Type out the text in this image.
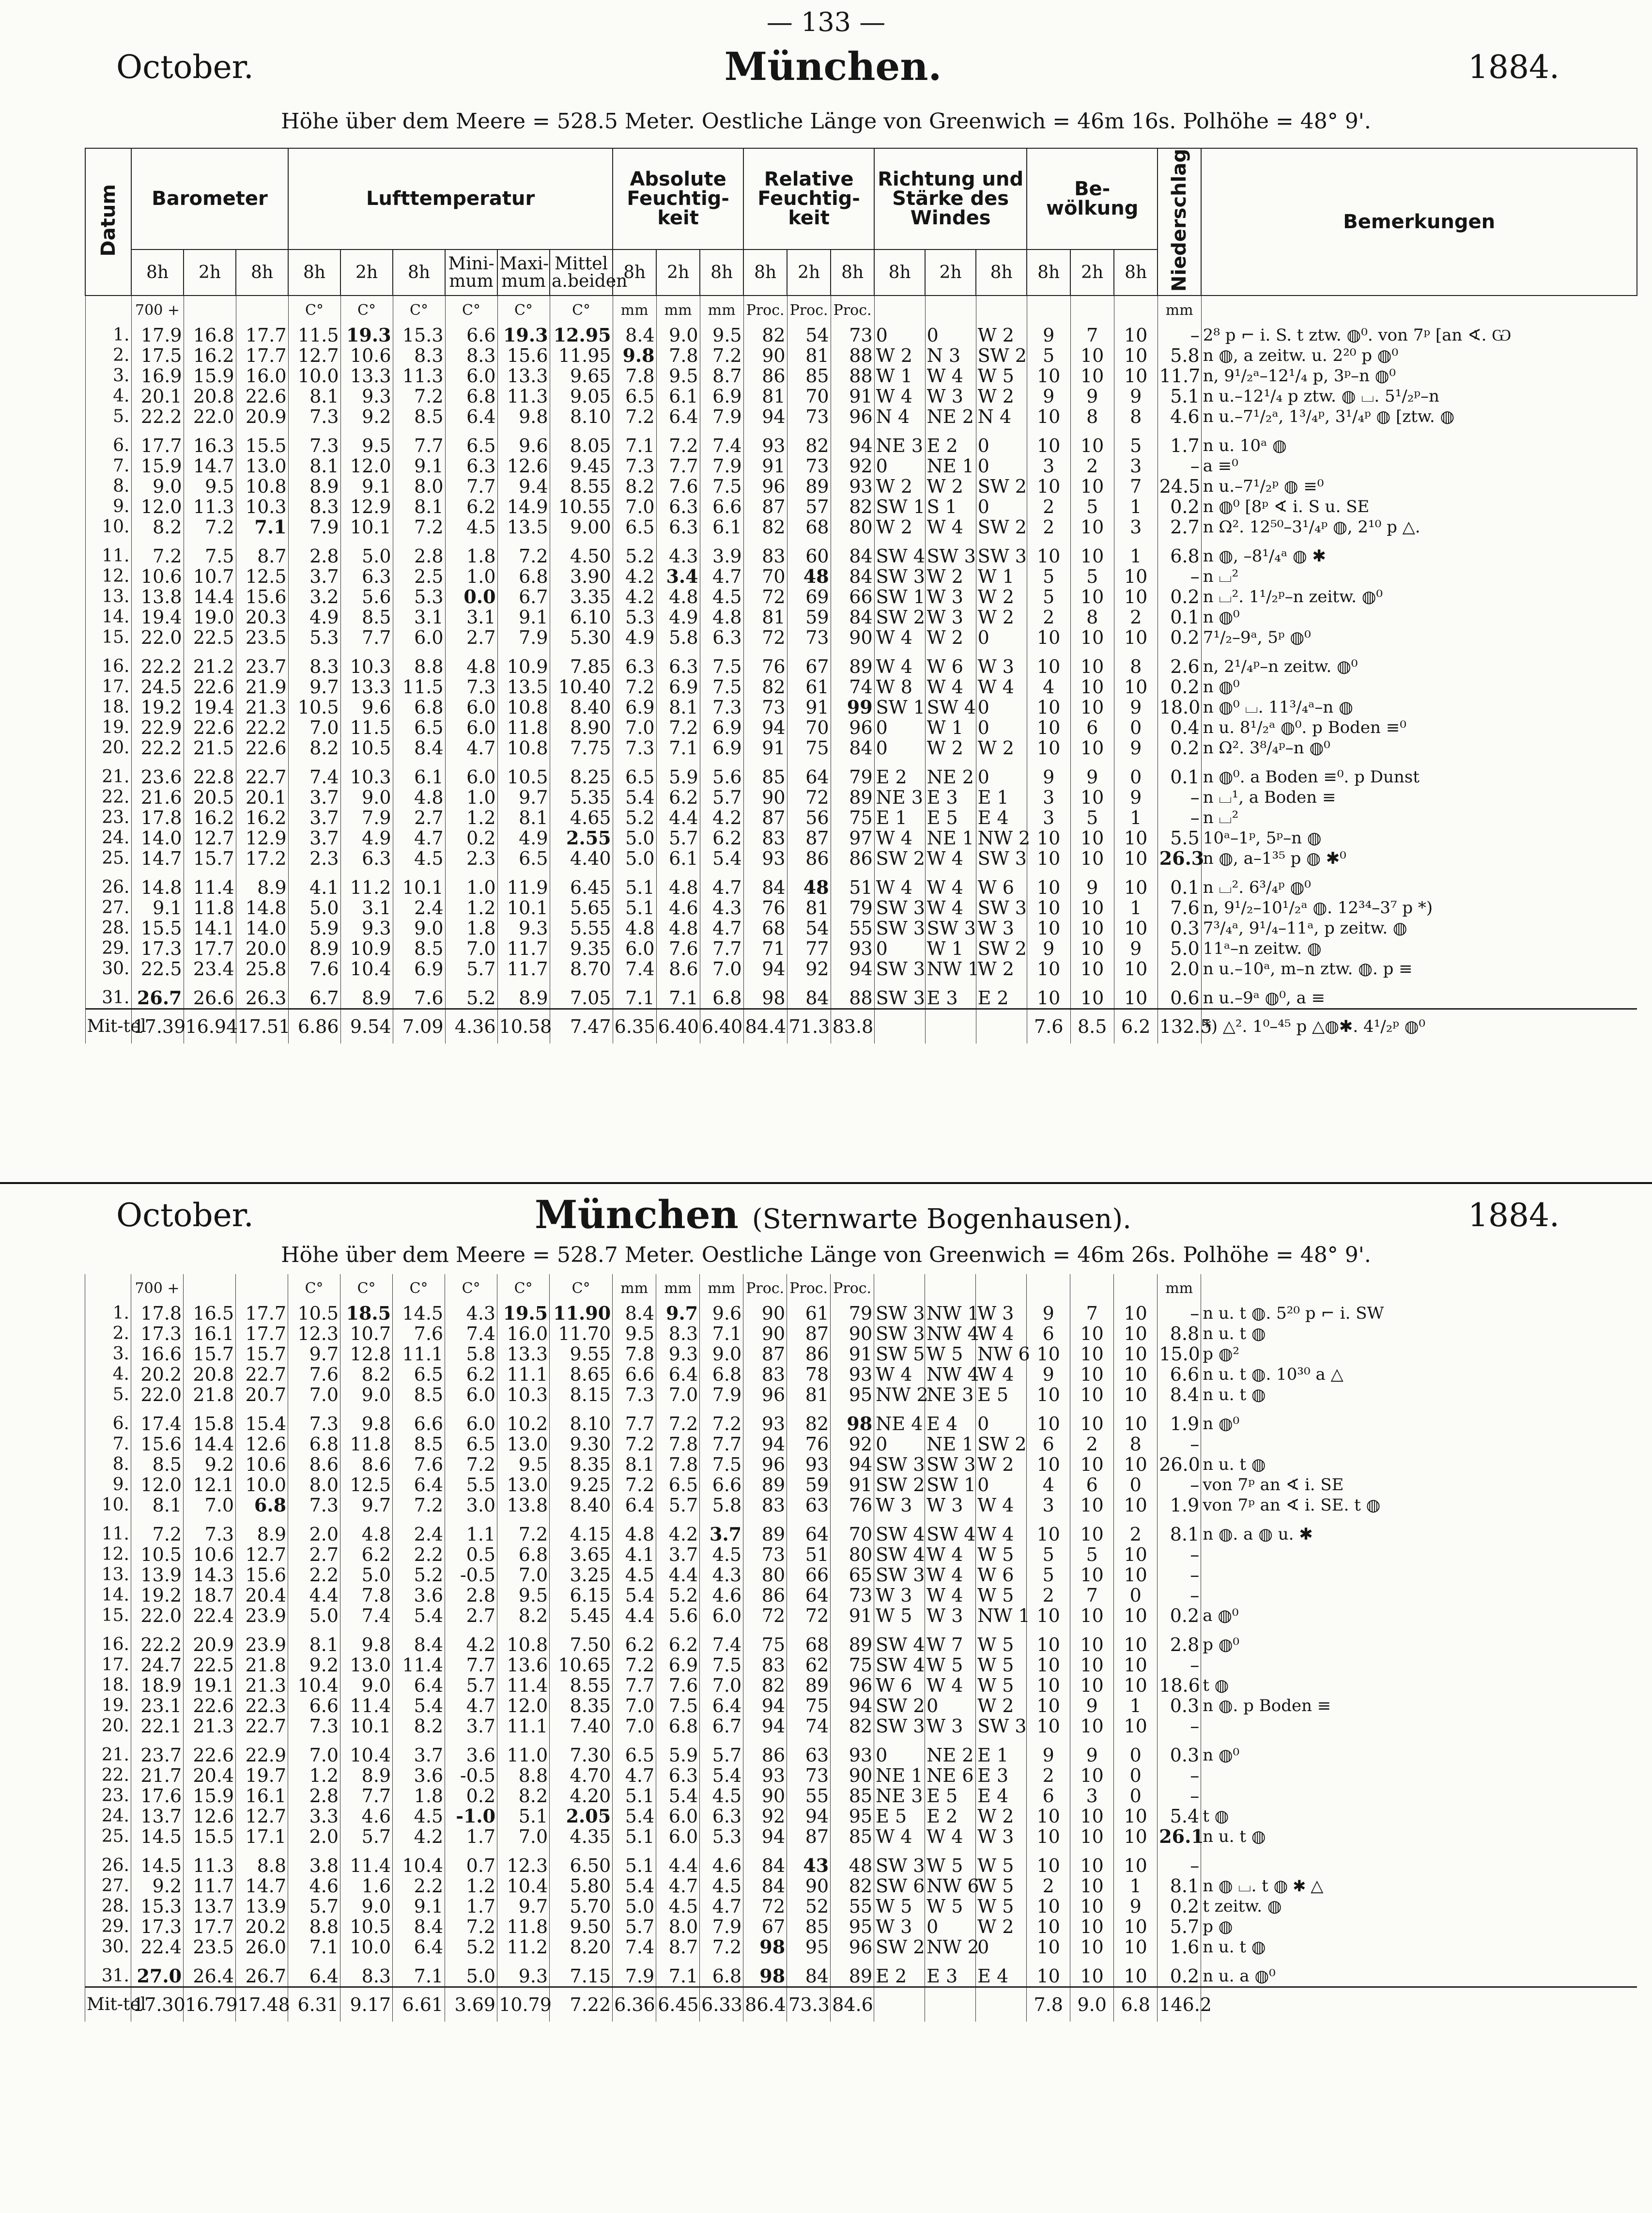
— 133 —
October.	München.	1884.
Höhe über dem Meere = 528.5 Meter. Oestliche Länge von Greenwich = 46m 16s. Polhöhe = 48° 9'.
Datum	Barometer			Lufttemperatur						Absolute Feuchtig-keit			Relative Feuchtig-keit			Richtung und Stärke des Windes			Be-wölkung			Niederschlag	Bemerkungen
	8h	2h	8h	8h	2h	8h	Mini-mum	Maxi-mum	Mittel a.beiden	8h	2h	8h	8h	2h	8h	8h	2h	8h	8h	2h	8h		
	700 +			C°	C°	C°	C°	C°	C°	mm	mm	mm	Proc.	Proc.	Proc.							mm	
1.	17.9	16.8	17.7	11.5	19.3	15.3	6.6	19.3	12.95	8.4	9.0	9.5	82	54	73	0	0	W 2	9	7	10	–	2⁸ p ⌐ i. S. t ztw. ◍⁰. von 7ᵖ [an ∢. Ѡ
2.	17.5	16.2	17.7	12.7	10.6	8.3	8.3	15.6	11.95	9.8	7.8	7.2	90	81	88	W 2	N 3	SW 2	5	10	10	5.8	n ◍, a zeitw. u. 2²⁰ p ◍⁰
3.	16.9	15.9	16.0	10.0	13.3	11.3	6.0	13.3	9.65	7.8	9.5	8.7	86	85	88	W 1	W 4	W 5	10	10	10	11.7	n, 9¹/₂ᵃ–12¹/₄ p, 3ᵖ–n ◍⁰
4.	20.1	20.8	22.6	8.1	9.3	7.2	6.8	11.3	9.05	6.5	6.1	6.9	81	70	91	W 4	W 3	W 2	9	9	9	5.1	n u.–12¹/₄ p ztw. ◍ ⌴. 5¹/₂ᵖ–n
5.	22.2	22.0	20.9	7.3	9.2	8.5	6.4	9.8	8.10	7.2	6.4	7.9	94	73	96	N 4	NE 2	N 4	10	8	8	4.6	n u.–7¹/₂ᵃ, 1³/₄ᵖ, 3¹/₄ᵖ ◍ [ztw. ◍
6.	17.7	16.3	15.5	7.3	9.5	7.7	6.5	9.6	8.05	7.1	7.2	7.4	93	82	94	NE 3	E 2	0	10	10	5	1.7	n u. 10ᵃ ◍
7.	15.9	14.7	13.0	8.1	12.0	9.1	6.3	12.6	9.45	7.3	7.7	7.9	91	73	92	0	NE 1	0	3	2	3	–	a ≡⁰
8.	9.0	9.5	10.8	8.9	9.1	8.0	7.7	9.4	8.55	8.2	7.6	7.5	96	89	93	W 2	W 2	SW 2	10	10	7	24.5	n u.–7¹/₂ᵖ ◍ ≡⁰
9.	12.0	11.3	10.3	8.3	12.9	8.1	6.2	14.9	10.55	7.0	6.3	6.6	87	57	82	SW 1	S 1	0	2	5	1	0.2	n ◍⁰ [8ᵖ ∢ i. S u. SE
10.	8.2	7.2	7.1	7.9	10.1	7.2	4.5	13.5	9.00	6.5	6.3	6.1	82	68	80	W 2	W 4	SW 2	2	10	3	2.7	n Ω². 12⁵⁰–3¹/₄ᵖ ◍, 2¹⁰ p △.
11.	7.2	7.5	8.7	2.8	5.0	2.8	1.8	7.2	4.50	5.2	4.3	3.9	83	60	84	SW 4	SW 3	SW 3	10	10	1	6.8	n ◍, –8¹/₄ᵃ ◍ ✱
12.	10.6	10.7	12.5	3.7	6.3	2.5	1.0	6.8	3.90	4.2	3.4	4.7	70	48	84	SW 3	W 2	W 1	5	5	10	–	n ⌴²
13.	13.8	14.4	15.6	3.2	5.6	5.3	0.0	6.7	3.35	4.2	4.8	4.5	72	69	66	SW 1	W 3	W 2	5	10	10	0.2	n ⌴². 1¹/₂ᵖ–n zeitw. ◍⁰
14.	19.4	19.0	20.3	4.9	8.5	3.1	3.1	9.1	6.10	5.3	4.9	4.8	81	59	84	SW 2	W 3	W 2	2	8	2	0.1	n ◍⁰
15.	22.0	22.5	23.5	5.3	7.7	6.0	2.7	7.9	5.30	4.9	5.8	6.3	72	73	90	W 4	W 2	0	10	10	10	0.2	7¹/₂–9ᵃ, 5ᵖ ◍⁰
16.	22.2	21.2	23.7	8.3	10.3	8.8	4.8	10.9	7.85	6.3	6.3	7.5	76	67	89	W 4	W 6	W 3	10	10	8	2.6	n, 2¹/₄ᵖ–n zeitw. ◍⁰
17.	24.5	22.6	21.9	9.7	13.3	11.5	7.3	13.5	10.40	7.2	6.9	7.5	82	61	74	W 8	W 4	W 4	4	10	10	0.2	n ◍⁰
18.	19.2	19.4	21.3	10.5	9.6	6.8	6.0	10.8	8.40	6.9	8.1	7.3	73	91	99	SW 1	SW 4	0	10	10	9	18.0	n ◍⁰ ⌴. 11³/₄ᵃ–n ◍
19.	22.9	22.6	22.2	7.0	11.5	6.5	6.0	11.8	8.90	7.0	7.2	6.9	94	70	96	0	W 1	0	10	6	0	0.4	n u. 8¹/₂ᵃ ◍⁰. p Boden ≡⁰
20.	22.2	21.5	22.6	8.2	10.5	8.4	4.7	10.8	7.75	7.3	7.1	6.9	91	75	84	0	W 2	W 2	10	10	9	0.2	n Ω². 3⁸/₄ᵖ–n ◍⁰
21.	23.6	22.8	22.7	7.4	10.3	6.1	6.0	10.5	8.25	6.5	5.9	5.6	85	64	79	E 2	NE 2	0	9	9	0	0.1	n ◍⁰. a Boden ≡⁰. p Dunst
22.	21.6	20.5	20.1	3.7	9.0	4.8	1.0	9.7	5.35	5.4	6.2	5.7	90	72	89	NE 3	E 3	E 1	3	10	9	–	n ⌴¹, a Boden ≡
23.	17.8	16.2	16.2	3.7	7.9	2.7	1.2	8.1	4.65	5.2	4.4	4.2	87	56	75	E 1	E 5	E 4	3	5	1	–	n ⌴²
24.	14.0	12.7	12.9	3.7	4.9	4.7	0.2	4.9	2.55	5.0	5.7	6.2	83	87	97	W 4	NE 1	NW 2	10	10	10	5.5	10ᵃ–1ᵖ, 5ᵖ–n ◍
25.	14.7	15.7	17.2	2.3	6.3	4.5	2.3	6.5	4.40	5.0	6.1	5.4	93	86	86	SW 2	W 4	SW 3	10	10	10	26.3	n ◍, a–1³⁵ p ◍ ✱⁰
26.	14.8	11.4	8.9	4.1	11.2	10.1	1.0	11.9	6.45	5.1	4.8	4.7	84	48	51	W 4	W 4	W 6	10	9	10	0.1	n ⌴². 6³/₄ᵖ ◍⁰
27.	9.1	11.8	14.8	5.0	3.1	2.4	1.2	10.1	5.65	5.1	4.6	4.3	76	81	79	SW 3	W 4	SW 3	10	10	1	7.6	n, 9¹/₂–10¹/₂ᵃ ◍. 12³⁴–3⁷ p *)
28.	15.5	14.1	14.0	5.9	9.3	9.0	1.8	9.3	5.55	4.8	4.8	4.7	68	54	55	SW 3	SW 3	W 3	10	10	10	0.3	7³/₄ᵃ, 9¹/₄–11ᵃ, p zeitw. ◍
29.	17.3	17.7	20.0	8.9	10.9	8.5	7.0	11.7	9.35	6.0	7.6	7.7	71	77	93	0	W 1	SW 2	9	10	9	5.0	11ᵃ–n zeitw. ◍
30.	22.5	23.4	25.8	7.6	10.4	6.9	5.7	11.7	8.70	7.4	8.6	7.0	94	92	94	SW 3	NW 1	W 2	10	10	10	2.0	n u.–10ᵃ, m–n ztw. ◍. p ≡
31.	26.7	26.6	26.3	6.7	8.9	7.6	5.2	8.9	7.05	7.1	7.1	6.8	98	84	88	SW 3	E 3	E 2	10	10	10	0.6	n u.–9ᵃ ◍⁰, a ≡
Mit-tel	17.39	16.94	17.51	6.86	9.54	7.09	4.36	10.58	7.47	6.35	6.40	6.40	84.4	71.3	83.8				7.6	8.5	6.2	132.5	*) △². 1⁰–⁴⁵ p △◍✱. 4¹/₂ᵖ ◍⁰
October.	München (Sternwarte Bogenhausen).	1884.
Höhe über dem Meere = 528.7 Meter. Oestliche Länge von Greenwich = 46m 26s. Polhöhe = 48° 9'.
	700 +			C°	C°	C°	C°	C°	C°	mm	mm	mm	Proc.	Proc.	Proc.							mm	
1.	17.8	16.5	17.7	10.5	18.5	14.5	4.3	19.5	11.90	8.4	9.7	9.6	90	61	79	SW 3	NW 1	W 3	9	7	10	–	n u. t ◍. 5²⁰ p ⌐ i. SW
2.	17.3	16.1	17.7	12.3	10.7	7.6	7.4	16.0	11.70	9.5	8.3	7.1	90	87	90	SW 3	NW 4	W 4	6	10	10	8.8	n u. t ◍
3.	16.6	15.7	15.7	9.7	12.8	11.1	5.8	13.3	9.55	7.8	9.3	9.0	87	86	91	SW 5	W 5	NW 6	10	10	10	15.0	p ◍²
4.	20.2	20.8	22.7	7.6	8.2	6.5	6.2	11.1	8.65	6.6	6.4	6.8	83	78	93	W 4	NW 4	W 4	9	10	10	6.6	n u. t ◍. 10³⁰ a △
5.	22.0	21.8	20.7	7.0	9.0	8.5	6.0	10.3	8.15	7.3	7.0	7.9	96	81	95	NW 2	NE 3	E 5	10	10	10	8.4	n u. t ◍
6.	17.4	15.8	15.4	7.3	9.8	6.6	6.0	10.2	8.10	7.7	7.2	7.2	93	82	98	NE 4	E 4	0	10	10	10	1.9	n ◍⁰
7.	15.6	14.4	12.6	6.8	11.8	8.5	6.5	13.0	9.30	7.2	7.8	7.7	94	76	92	0	NE 1	SW 2	6	2	8	–	
8.	8.5	9.2	10.6	8.6	8.6	7.6	7.2	9.5	8.35	8.1	7.8	7.5	96	93	94	SW 3	SW 3	W 2	10	10	10	26.0	n u. t ◍
9.	12.0	12.1	10.0	8.0	12.5	6.4	5.5	13.0	9.25	7.2	6.5	6.6	89	59	91	SW 2	SW 1	0	4	6	0	–	von 7ᵖ an ∢ i. SE
10.	8.1	7.0	6.8	7.3	9.7	7.2	3.0	13.8	8.40	6.4	5.7	5.8	83	63	76	W 3	W 3	W 4	3	10	10	1.9	von 7ᵖ an ∢ i. SE. t ◍
11.	7.2	7.3	8.9	2.0	4.8	2.4	1.1	7.2	4.15	4.8	4.2	3.7	89	64	70	SW 4	SW 4	W 4	10	10	2	8.1	n ◍. a ◍ u. ✱
12.	10.5	10.6	12.7	2.7	6.2	2.2	0.5	6.8	3.65	4.1	3.7	4.5	73	51	80	SW 4	W 4	W 5	5	5	10	–	
13.	13.9	14.3	15.6	2.2	5.0	5.2	-0.5	7.0	3.25	4.5	4.4	4.3	80	66	65	SW 3	W 4	W 6	5	10	10	–	
14.	19.2	18.7	20.4	4.4	7.8	3.6	2.8	9.5	6.15	5.4	5.2	4.6	86	64	73	W 3	W 4	W 5	2	7	0	–	
15.	22.0	22.4	23.9	5.0	7.4	5.4	2.7	8.2	5.45	4.4	5.6	6.0	72	72	91	W 5	W 3	NW 1	10	10	10	0.2	a ◍⁰
16.	22.2	20.9	23.9	8.1	9.8	8.4	4.2	10.8	7.50	6.2	6.2	7.4	75	68	89	SW 4	W 7	W 5	10	10	10	2.8	p ◍⁰
17.	24.7	22.5	21.8	9.2	13.0	11.4	7.7	13.6	10.65	7.2	6.9	7.5	83	62	75	SW 4	W 5	W 5	10	10	10	–	
18.	18.9	19.1	21.3	10.4	9.0	6.4	5.7	11.4	8.55	7.7	7.6	7.0	82	89	96	W 6	W 4	W 5	10	10	10	18.6	t ◍
19.	23.1	22.6	22.3	6.6	11.4	5.4	4.7	12.0	8.35	7.0	7.5	6.4	94	75	94	SW 2	0	W 2	10	9	1	0.3	n ◍. p Boden ≡
20.	22.1	21.3	22.7	7.3	10.1	8.2	3.7	11.1	7.40	7.0	6.8	6.7	94	74	82	SW 3	W 3	SW 3	10	10	10	–	
21.	23.7	22.6	22.9	7.0	10.4	3.7	3.6	11.0	7.30	6.5	5.9	5.7	86	63	93	0	NE 2	E 1	9	9	0	0.3	n ◍⁰
22.	21.7	20.4	19.7	1.2	8.9	3.6	-0.5	8.8	4.70	4.7	6.3	5.4	93	73	90	NE 1	NE 6	E 3	2	10	0	–	
23.	17.6	15.9	16.1	2.8	7.7	1.8	0.2	8.2	4.20	5.1	5.4	4.5	90	55	85	NE 3	E 5	E 4	6	3	0	–	
24.	13.7	12.6	12.7	3.3	4.6	4.5	-1.0	5.1	2.05	5.4	6.0	6.3	92	94	95	E 5	E 2	W 2	10	10	10	5.4	t ◍
25.	14.5	15.5	17.1	2.0	5.7	4.2	1.7	7.0	4.35	5.1	6.0	5.3	94	87	85	W 4	W 4	W 3	10	10	10	26.1	n u. t ◍
26.	14.5	11.3	8.8	3.8	11.4	10.4	0.7	12.3	6.50	5.1	4.4	4.6	84	43	48	SW 3	W 5	W 5	10	10	10	–	
27.	9.2	11.7	14.7	4.6	1.6	2.2	1.2	10.4	5.80	5.4	4.7	4.5	84	90	82	SW 6	NW 6	W 5	2	10	1	8.1	n ◍ ⌴. t ◍ ✱ △
28.	15.3	13.7	13.9	5.7	9.0	9.1	1.7	9.7	5.70	5.0	4.5	4.7	72	52	55	W 5	W 5	W 5	10	10	9	0.2	t zeitw. ◍
29.	17.3	17.7	20.2	8.8	10.5	8.4	7.2	11.8	9.50	5.7	8.0	7.9	67	85	95	W 3	0	W 2	10	10	10	5.7	p ◍
30.	22.4	23.5	26.0	7.1	10.0	6.4	5.2	11.2	8.20	7.4	8.7	7.2	98	95	96	SW 2	NW 2	0	10	10	10	1.6	n u. t ◍
31.	27.0	26.4	26.7	6.4	8.3	7.1	5.0	9.3	7.15	7.9	7.1	6.8	98	84	89	E 2	E 3	E 4	10	10	10	0.2	n u. a ◍⁰
Mit-tel	17.30	16.79	17.48	6.31	9.17	6.61	3.69	10.79	7.22	6.36	6.45	6.33	86.4	73.3	84.6				7.8	9.0	6.8	146.2	
